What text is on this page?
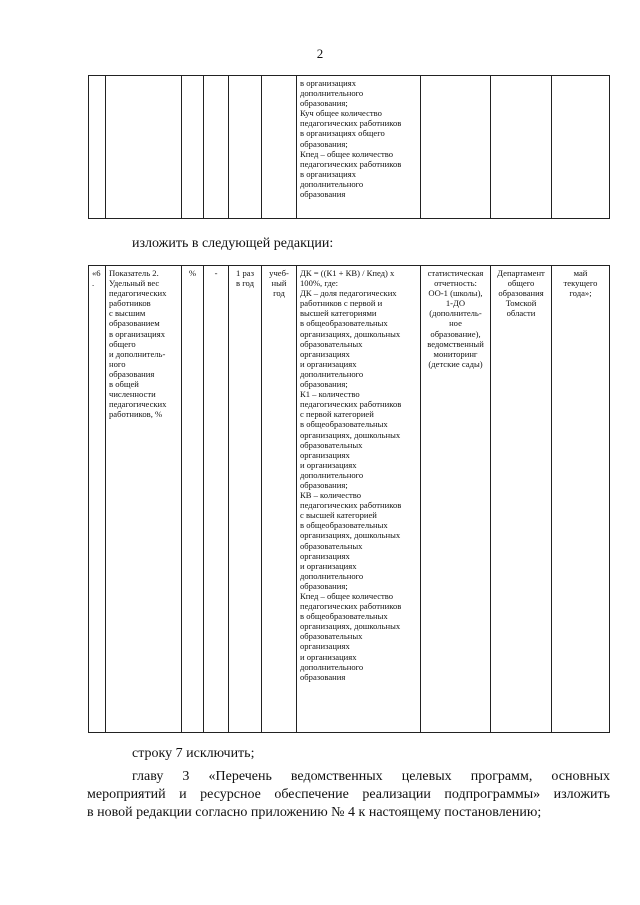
2
						в организациях
дополнительного
образования;
Куч общее количество
педагогических работников
в организациях общего
образования;
Кпед – общее количество
педагогических работников
в организациях
дополнительного
образования			
изложить в следующей редакции:
«6.	Показатель 2.
Удельный вес
педагогических
работников
с высшим
образованием
в организациях
общего
и дополнитель-
ного
образования
в общей
численности
педагогических
работников, %	%	-	1 раз
в год	учеб-
ный
год	ДК = ((К1 + КВ) / Кпед) х
100%, где:
ДК – доля педагогических
работников с первой и
высшей категориями
в общеобразовательных
организациях, дошкольных
образовательных
организациях
и организациях
дополнительного
образования;
К1 – количество
педагогических работников
с первой категорией
в общеобразовательных
организациях, дошкольных
образовательных
организациях
и организациях
дополнительного
образования;
КВ – количество
педагогических работников
с высшей категорией
в общеобразовательных
организациях, дошкольных
образовательных
организациях
и организациях
дополнительного
образования;
Кпед – общее количество
педагогических работников
в общеобразовательных
организациях, дошкольных
образовательных
организациях
и организациях
дополнительного
образования	статистическая
отчетность:
ОО-1 (школы),
1-ДО
(дополнитель-
ное
образование),
ведомственный
мониторинг
(детские сады)	Департамент
общего
образования
Томской
области	май
текущего
года»;
строку 7 исключить;
главу 3 «Перечень ведомственных целевых программ, основных
мероприятий и ресурсное обеспечение реализации подпрограммы» изложить
в новой редакции согласно приложению № 4 к настоящему постановлению;
